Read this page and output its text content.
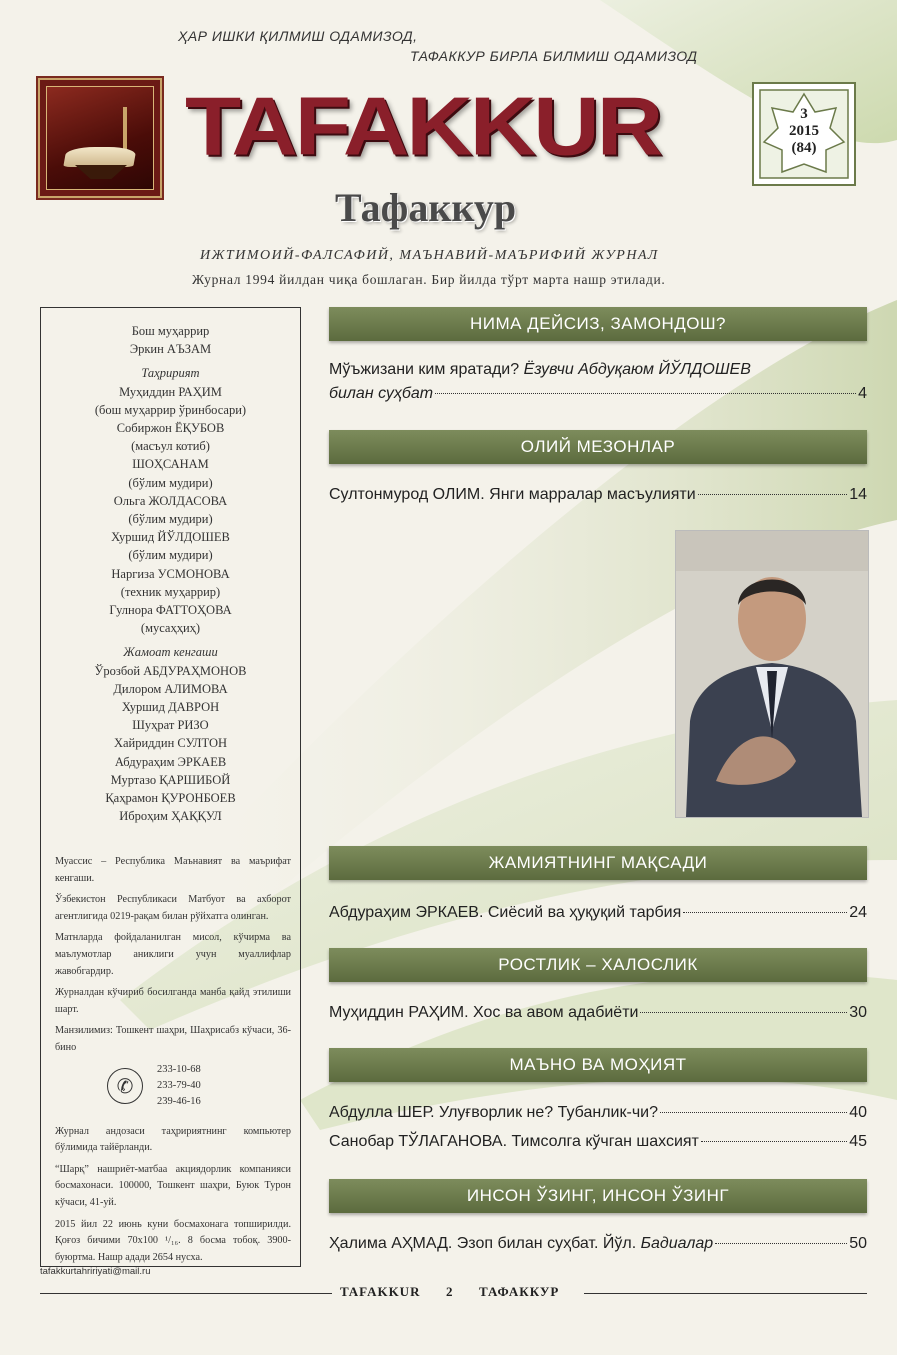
ҲАР ИШКИ ҚИЛМИШ ОДАМИЗОД,
ТАФАККУР БИРЛА БИЛМИШ ОДАМИЗОД
TAFAKKUR
Тафаккур
3
2015
(84)
ИЖТИМОИЙ-ФАЛСАФИЙ, МАЪНАВИЙ-МАЪРИФИЙ ЖУРНАЛ
Журнал 1994 йилдан чиқа бошлаган. Бир йилда тўрт марта нашр этилади.
Бош муҳаррир
Эркин АЪЗАМ
Таҳририят
Муҳиддин РАҲИМ
(бош муҳаррир ўринбосари)
Собиржон ЁҚУБОВ
(масъул котиб)
ШОҲСАНАМ
(бўлим мудири)
Ольга ЖОЛДАСОВА
(бўлим мудири)
Хуршид ЙЎЛДОШЕВ
(бўлим мудири)
Наргиза УСМОНОВА
(техник муҳаррир)
Гулнора ФАТТОҲОВА
(мусаҳҳиҳ)
Жамоат кенгаши
Ўрозбой АБДУРАҲМОНОВ
Дилором АЛИМОВА
Хуршид ДАВРОН
Шуҳрат РИЗО
Хайриддин СУЛТОН
Абдураҳим ЭРКАЕВ
Муртазо ҚАРШИБОЙ
Қаҳрамон ҚУРОНБОЕВ
Иброҳим ҲАҚҚУЛ

Муассис – Республика Маънавият ва маърифат кенгаши.

Ўзбекистон Республикаси Матбуот ва ахборот агентлигида 0219-рақам билан рўйхатга олинган.

Матнларда фойдаланилган мисол, кўчирма ва маълумотлар аниклиги учун муаллифлар жавобгардир.

Журналдан кўчириб босилганда манба қайд этилиши шарт.

Манзилимиз: Тошкент шаҳри, Шаҳрисабз кўчаси, 36-бино

✆
233-10-68
233-79-40
239-46-16

Журнал андозаси таҳририятнинг компьютер бўлимида тайёрланди.

“Шарқ” нашриёт-матбаа акциядорлик компанияси босмахонаси. 100000, Тошкент шаҳри, Буюк Турон кўчаси, 41-уй.

2015 йил 22 июнь куни босмахонага топширилди. Қоғоз бичими 70х100 ¹/₁₆. 8 босма тобоқ. 3900-буюртма. Нашр адади 2654 нусха.

tafakkurtahririyati@mail.ru
НИМА ДЕЙСИЗ, ЗАМОНДОШ?
Мўъжизани ким яратади? Ёзувчи Абдуқаюм ЙЎЛДОШЕВ
билан суҳбат	4
ОЛИЙ МЕЗОНЛАР
Султонмурод ОЛИМ. Янги марралар масъулияти	14
ЖАМИЯТНИНГ МАҚСАДИ
Абдураҳим ЭРКАЕВ. Сиёсий ва ҳуқуқий тарбия	24
РОСТЛИК – ХАЛОСЛИК
Муҳиддин РАҲИМ. Хос ва авом адабиёти	30
МАЪНО ВА МОҲИЯТ
Абдулла ШЕР. Улуғворлик не? Тубанлик-чи?	40
Санобар ТЎЛАГАНОВА. Тимсолга кўчган шахсият	45
ИНСОН ЎЗИНГ, ИНСОН ЎЗИНГ
Ҳалима АҲМАД. Эзоп билан суҳбат. Йўл. Бадиалар	50
TAFAKKUR 2 ТАФАККУР
